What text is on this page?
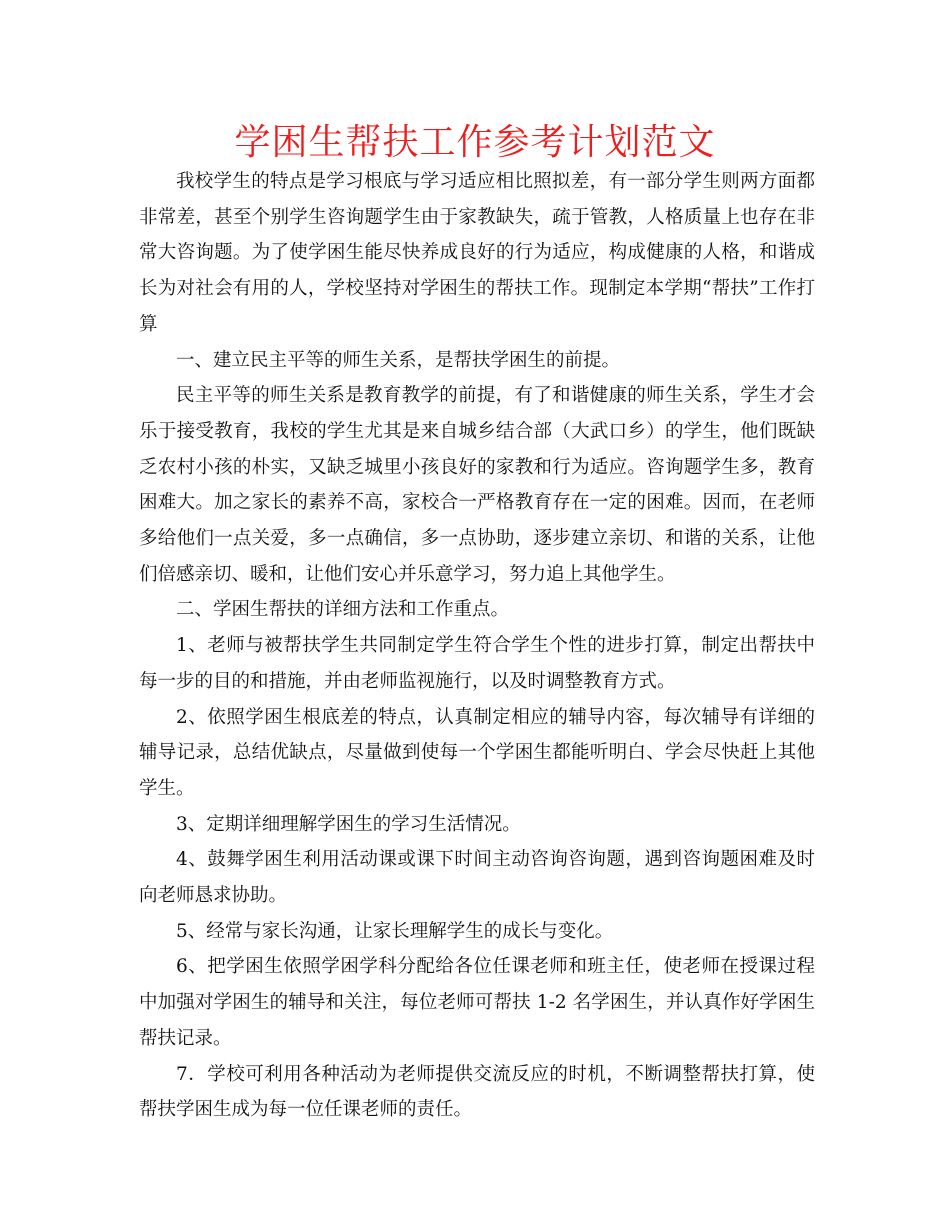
学困生帮扶工作参考计划范文

我校学生的特点是学习根底与学习适应相比照拟差，有一部分学生则两方面都非常差，甚至个别学生咨询题学生由于家教缺失，疏于管教，人格质量上也存在非常大咨询题。为了使学困生能尽快养成良好的行为适应，构成健康的人格，和谐成长为对社会有用的人，学校坚持对学困生的帮扶工作。现制定本学期“帮扶”工作打算

一、建立民主平等的师生关系，是帮扶学困生的前提。

民主平等的师生关系是教育教学的前提，有了和谐健康的师生关系，学生才会乐于接受教育，我校的学生尤其是来自城乡结合部（大武口乡）的学生，他们既缺乏农村小孩的朴实，又缺乏城里小孩良好的家教和行为适应。咨询题学生多，教育困难大。加之家长的素养不高，家校合一严格教育存在一定的困难。因而，在老师多给他们一点关爱，多一点确信，多一点协助，逐步建立亲切、和谐的关系，让他们倍感亲切、暖和，让他们安心并乐意学习，努力追上其他学生。

二、学困生帮扶的详细方法和工作重点。

1、老师与被帮扶学生共同制定学生符合学生个性的进步打算，制定出帮扶中每一步的目的和措施，并由老师监视施行，以及时调整教育方式。

2、依照学困生根底差的特点，认真制定相应的辅导内容，每次辅导有详细的辅导记录，总结优缺点，尽量做到使每一个学困生都能听明白、学会尽快赶上其他学生。

3、定期详细理解学困生的学习生活情况。

4、鼓舞学困生利用活动课或课下时间主动咨询咨询题，遇到咨询题困难及时向老师恳求协助。

5、经常与家长沟通，让家长理解学生的成长与变化。

6、把学困生依照学困学科分配给各位任课老师和班主任，使老师在授课过程中加强对学困生的辅导和关注，每位老师可帮扶 1-2 名学困生，并认真作好学困生帮扶记录。

7．学校可利用各种活动为老师提供交流反应的时机，不断调整帮扶打算，使帮扶学困生成为每一位任课老师的责任。
